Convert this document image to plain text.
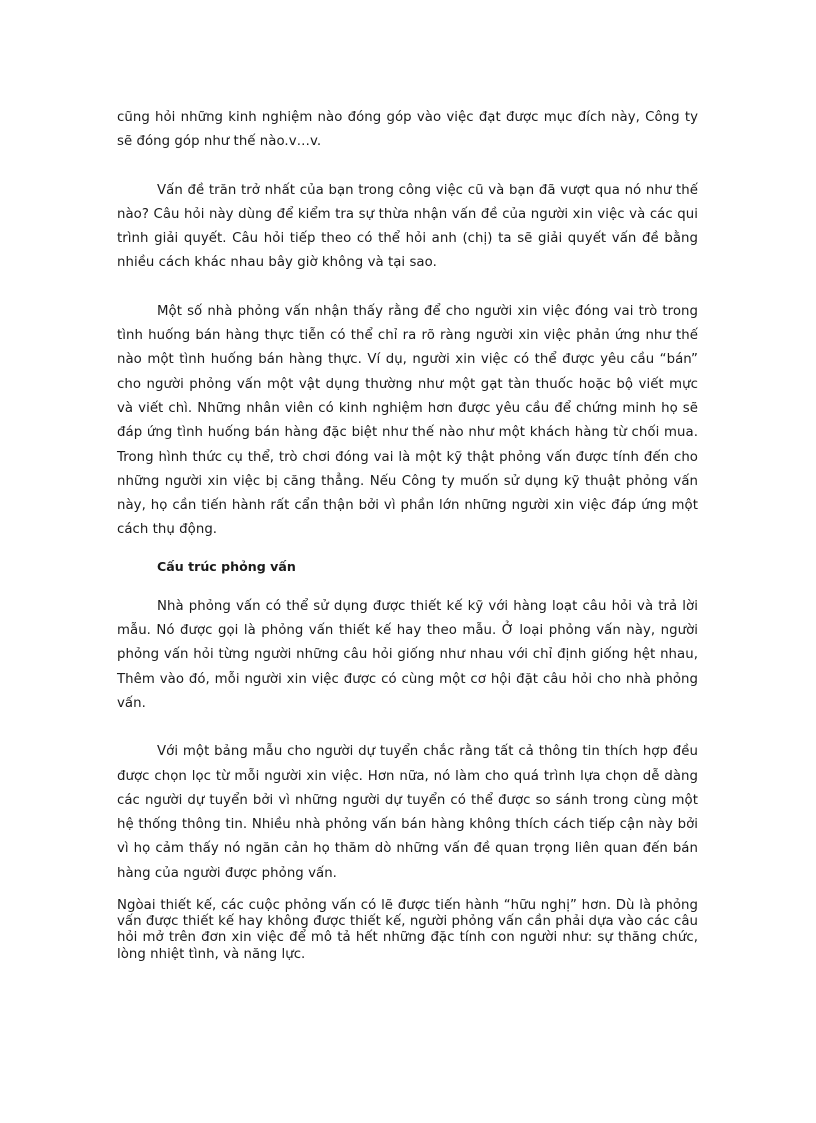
cũng hỏi những kinh nghiệm nào đóng góp vào việc đạt được mục đích này, Công ty sẽ đóng góp như thế nào.v…v.

Vấn đề trăn trở nhất của bạn trong công việc cũ và bạn đã vượt qua nó như thế nào? Câu hỏi này dùng để kiểm tra sự thừa nhận vấn đề của người xin việc và các qui trình giải quyết. Câu hỏi tiếp theo có thể hỏi anh (chị) ta sẽ giải quyết vấn đề bằng nhiều cách khác nhau bây giờ không và tại sao.

Một số nhà phỏng vấn nhận thấy rằng để cho người xin việc đóng vai trò trong tình huống bán hàng thực tiễn có thể chỉ ra rõ ràng người xin việc phản ứng như thế nào một tình huống bán hàng thực. Ví dụ, người xin việc có thể được yêu cầu “bán” cho người phỏng vấn một vật dụng thường như một gạt tàn thuốc hoặc bộ viết mực và viết chì. Những nhân viên có kinh nghiệm hơn được yêu cầu để chứng minh họ sẽ đáp ứng tình huống bán hàng đặc biệt như thế nào như một khách hàng từ chối mua. Trong hình thức cụ thể, trò chơi đóng vai là một kỹ thật phỏng vấn được tính đến cho những người xin việc bị căng thẳng. Nếu Công ty muốn sử dụng kỹ thuật phỏng vấn này, họ cần tiến hành rất cẩn thận bởi vì phần lớn những người xin việc đáp ứng một cách thụ động.

Cấu trúc phỏng vấn

Nhà phỏng vấn có thể sử dụng được thiết kế kỹ với hàng loạt câu hỏi và trả lời mẫu. Nó được gọi là phỏng vấn thiết kế hay theo mẫu. Ở loại phỏng vấn này, người phỏng vấn hỏi từng người những câu hỏi giống như nhau với chỉ định giống hệt nhau, Thêm vào đó, mỗi người xin việc được có cùng một cơ hội đặt câu hỏi cho nhà phỏng vấn.

Với một bảng mẫu cho người dự tuyển chắc rằng tất cả thông tin thích hợp đều được chọn lọc từ mỗi người xin việc. Hơn nữa, nó làm cho quá trình lựa chọn dễ dàng các người dự tuyển bởi vì những người dự tuyển có thể được so sánh trong cùng một hệ thống thông tin. Nhiều nhà phỏng vấn bán hàng không thích cách tiếp cận này bởi vì họ cảm thấy nó ngăn cản họ thăm dò những vấn đề quan trọng liên quan đến bán hàng của người được phỏng vấn.

Ngòai thiết kế, các cuộc phỏng vấn có lẽ được tiến hành “hữu nghị” hơn. Dù là phỏng vấn được thiết kế hay không được thiết kế, người phỏng vấn cần phải dựa vào các câu hỏi mở trên đơn xin việc để mô tả hết những đặc tính con người như: sự thăng chức, lòng nhiệt tình, và năng lực.
